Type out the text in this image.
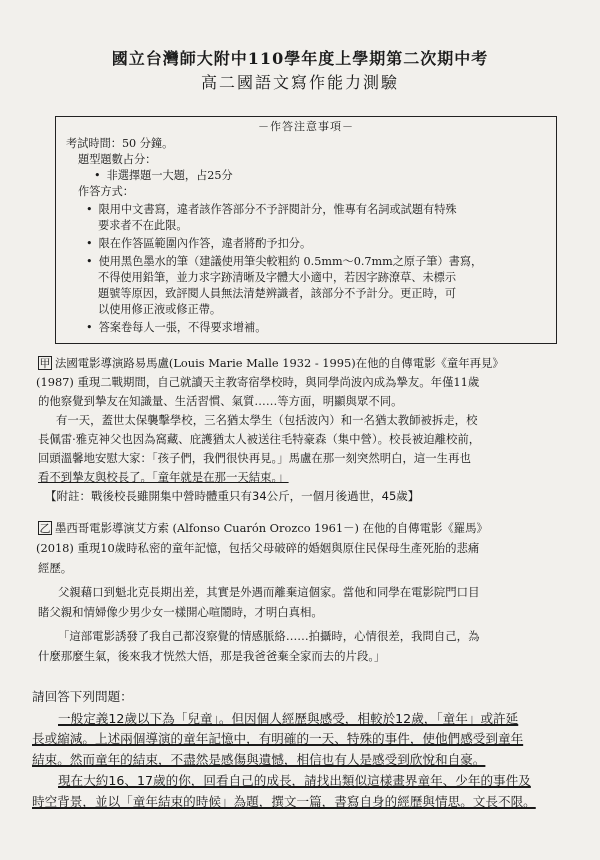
國立台灣師大附中110學年度上學期第二次期中考
高二國語文寫作能力測驗
－作答注意事項－
考試時間：50 分鐘。
題型題數占分：
• 非選擇題一大題，占25分
作答方式：
• 限用中文書寫，違者該作答部分不予評閱計分，惟專有名詞或試題有特殊
要求者不在此限。
• 限在作答區範圍內作答，違者將酌予扣分。
• 使用黑色墨水的筆（建議使用筆尖較粗約 0.5mm～0.7mm之原子筆）書寫，
不得使用鉛筆，並力求字跡清晰及字體大小適中，若因字跡潦草、未標示
題號等原因，致評閱人員無法清楚辨識者，該部分不予計分。更正時，可
以使用修正液或修正帶。
• 答案卷每人一張，不得要求增補。
甲 法國電影導演路易馬盧(Louis Marie Malle 1932 - 1995)在他的自傳電影《童年再見》
(1987) 重現二戰期間，自己就讀天主教寄宿學校時，與同學尚波內成為摯友。年僅11歲
的他察覺到摯友在知識量、生活習慣、氣質……等方面，明顯與眾不同。
有一天，蓋世太保襲擊學校，三名猶太學生（包括波內）和一名猶太教師被拆走，校
長佩雷·雅克神父也因為窩藏、庇護猶太人被送往毛特豪森（集中營）。校長被迫離校前，
回頭溫馨地安慰大家：「孩子們，我們很快再見。」馬盧在那一刻突然明白，這一生再也
看不到摯友與校長了。「童年就是在那一天結束。」
【附註：戰後校長雖開集中營時體重只有34公斤，一個月後過世，45歲】
乙 墨西哥電影導演艾方索 (Alfonso Cuarón Orozco 1961－) 在他的自傳電影《羅馬》
(2018) 重現10歲時私密的童年記憶，包括父母破碎的婚姻與原住民保母生產死胎的悲痛
經歷。
父親藉口到魁北克長期出差，其實是外遇而離棄這個家。當他和同學在電影院門口目
睹父親和情婦像少男少女一樣開心喧鬧時，才明白真相。
「這部電影誘發了我自己都沒察覺的情感脈絡……拍攝時，心情很差，我問自己，為
什麼那麼生氣，後來我才恍然大悟，那是我爸爸棄全家而去的片段。」
請回答下列問題：
一般定義12歲以下為「兒童」。但因個人經歷與感受，相較於12歲，「童年」或許延
長或縮減。上述兩個導演的童年記憶中，有明確的一天、特殊的事件，使他們感受到童年
結束。然而童年的結束，不盡然是感傷與遺憾，相信也有人是感受到欣悅和自豪。
現在大約16、17歲的你，回看自己的成長，請找出類似這樣畫界童年、少年的事件及
時空背景，並以「童年結束的時候」為題，撰文一篇，書寫自身的經歷與情思。文長不限。
